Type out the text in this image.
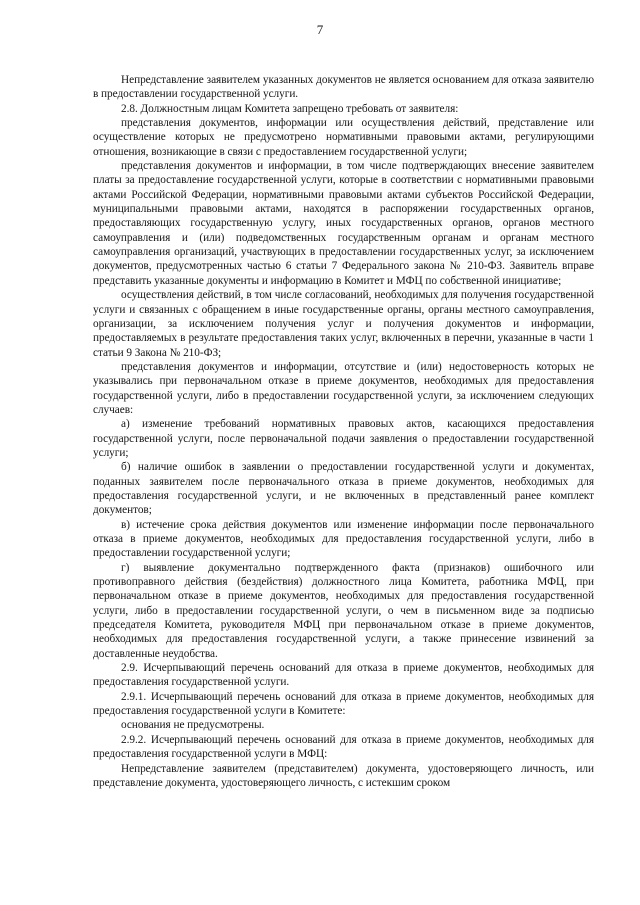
7

Непредставление заявителем указанных документов не является основанием для отказа заявителю в предоставлении государственной услуги.

2.8. Должностным лицам Комитета запрещено требовать от заявителя:

представления документов, информации или осуществления действий, представление или осуществление которых не предусмотрено нормативными правовыми актами, регулирующими отношения, возникающие в связи с предоставлением государственной услуги;

представления документов и информации, в том числе подтверждающих внесение заявителем платы за предоставление государственной услуги, которые в соответствии с нормативными правовыми актами Российской Федерации, нормативными правовыми актами субъектов Российской Федерации, муниципальными правовыми актами, находятся в распоряжении государственных органов, предоставляющих государственную услугу, иных государственных органов, органов местного самоуправления и (или) подведомственных государственным органам и органам местного самоуправления организаций, участвующих в предоставлении государственных услуг, за исключением документов, предусмотренных частью 6 статьи 7 Федерального закона № 210-ФЗ. Заявитель вправе представить указанные документы и информацию в Комитет и МФЦ по собственной инициативе;

осуществления действий, в том числе согласований, необходимых для получения государственной услуги и связанных с обращением в иные государственные органы, органы местного самоуправления, организации, за исключением получения услуг и получения документов и информации, предоставляемых в результате предоставления таких услуг, включенных в перечни, указанные в части 1 статьи 9 Закона № 210-ФЗ;

представления документов и информации, отсутствие и (или) недостоверность которых не указывались при первоначальном отказе в приеме документов, необходимых для предоставления государственной услуги, либо в предоставлении государственной услуги, за исключением следующих случаев:

а) изменение требований нормативных правовых актов, касающихся предоставления государственной услуги, после первоначальной подачи заявления о предоставлении государственной услуги;

б) наличие ошибок в заявлении о предоставлении государственной услуги и документах, поданных заявителем после первоначального отказа в приеме документов, необходимых для предоставления государственной услуги, и не включенных в представленный ранее комплект документов;

в) истечение срока действия документов или изменение информации после первоначального отказа в приеме документов, необходимых для предоставления государственной услуги, либо в предоставлении государственной услуги;

г) выявление документально подтвержденного факта (признаков) ошибочного или противоправного действия (бездействия) должностного лица Комитета, работника МФЦ, при первоначальном отказе в приеме документов, необходимых для предоставления государственной услуги, либо в предоставлении государственной услуги, о чем в письменном виде за подписью председателя Комитета, руководителя МФЦ при первоначальном отказе в приеме документов, необходимых для предоставления государственной услуги, а также принесение извинений за доставленные неудобства.

2.9. Исчерпывающий перечень оснований для отказа в приеме документов, необходимых для предоставления государственной услуги.

2.9.1. Исчерпывающий перечень оснований для отказа в приеме документов, необходимых для предоставления государственной услуги в Комитете:

основания не предусмотрены.

2.9.2. Исчерпывающий перечень оснований для отказа в приеме документов, необходимых для предоставления государственной услуги в МФЦ:

Непредставление заявителем (представителем) документа, удостоверяющего личность, или представление документа, удостоверяющего личность, с истекшим сроком
